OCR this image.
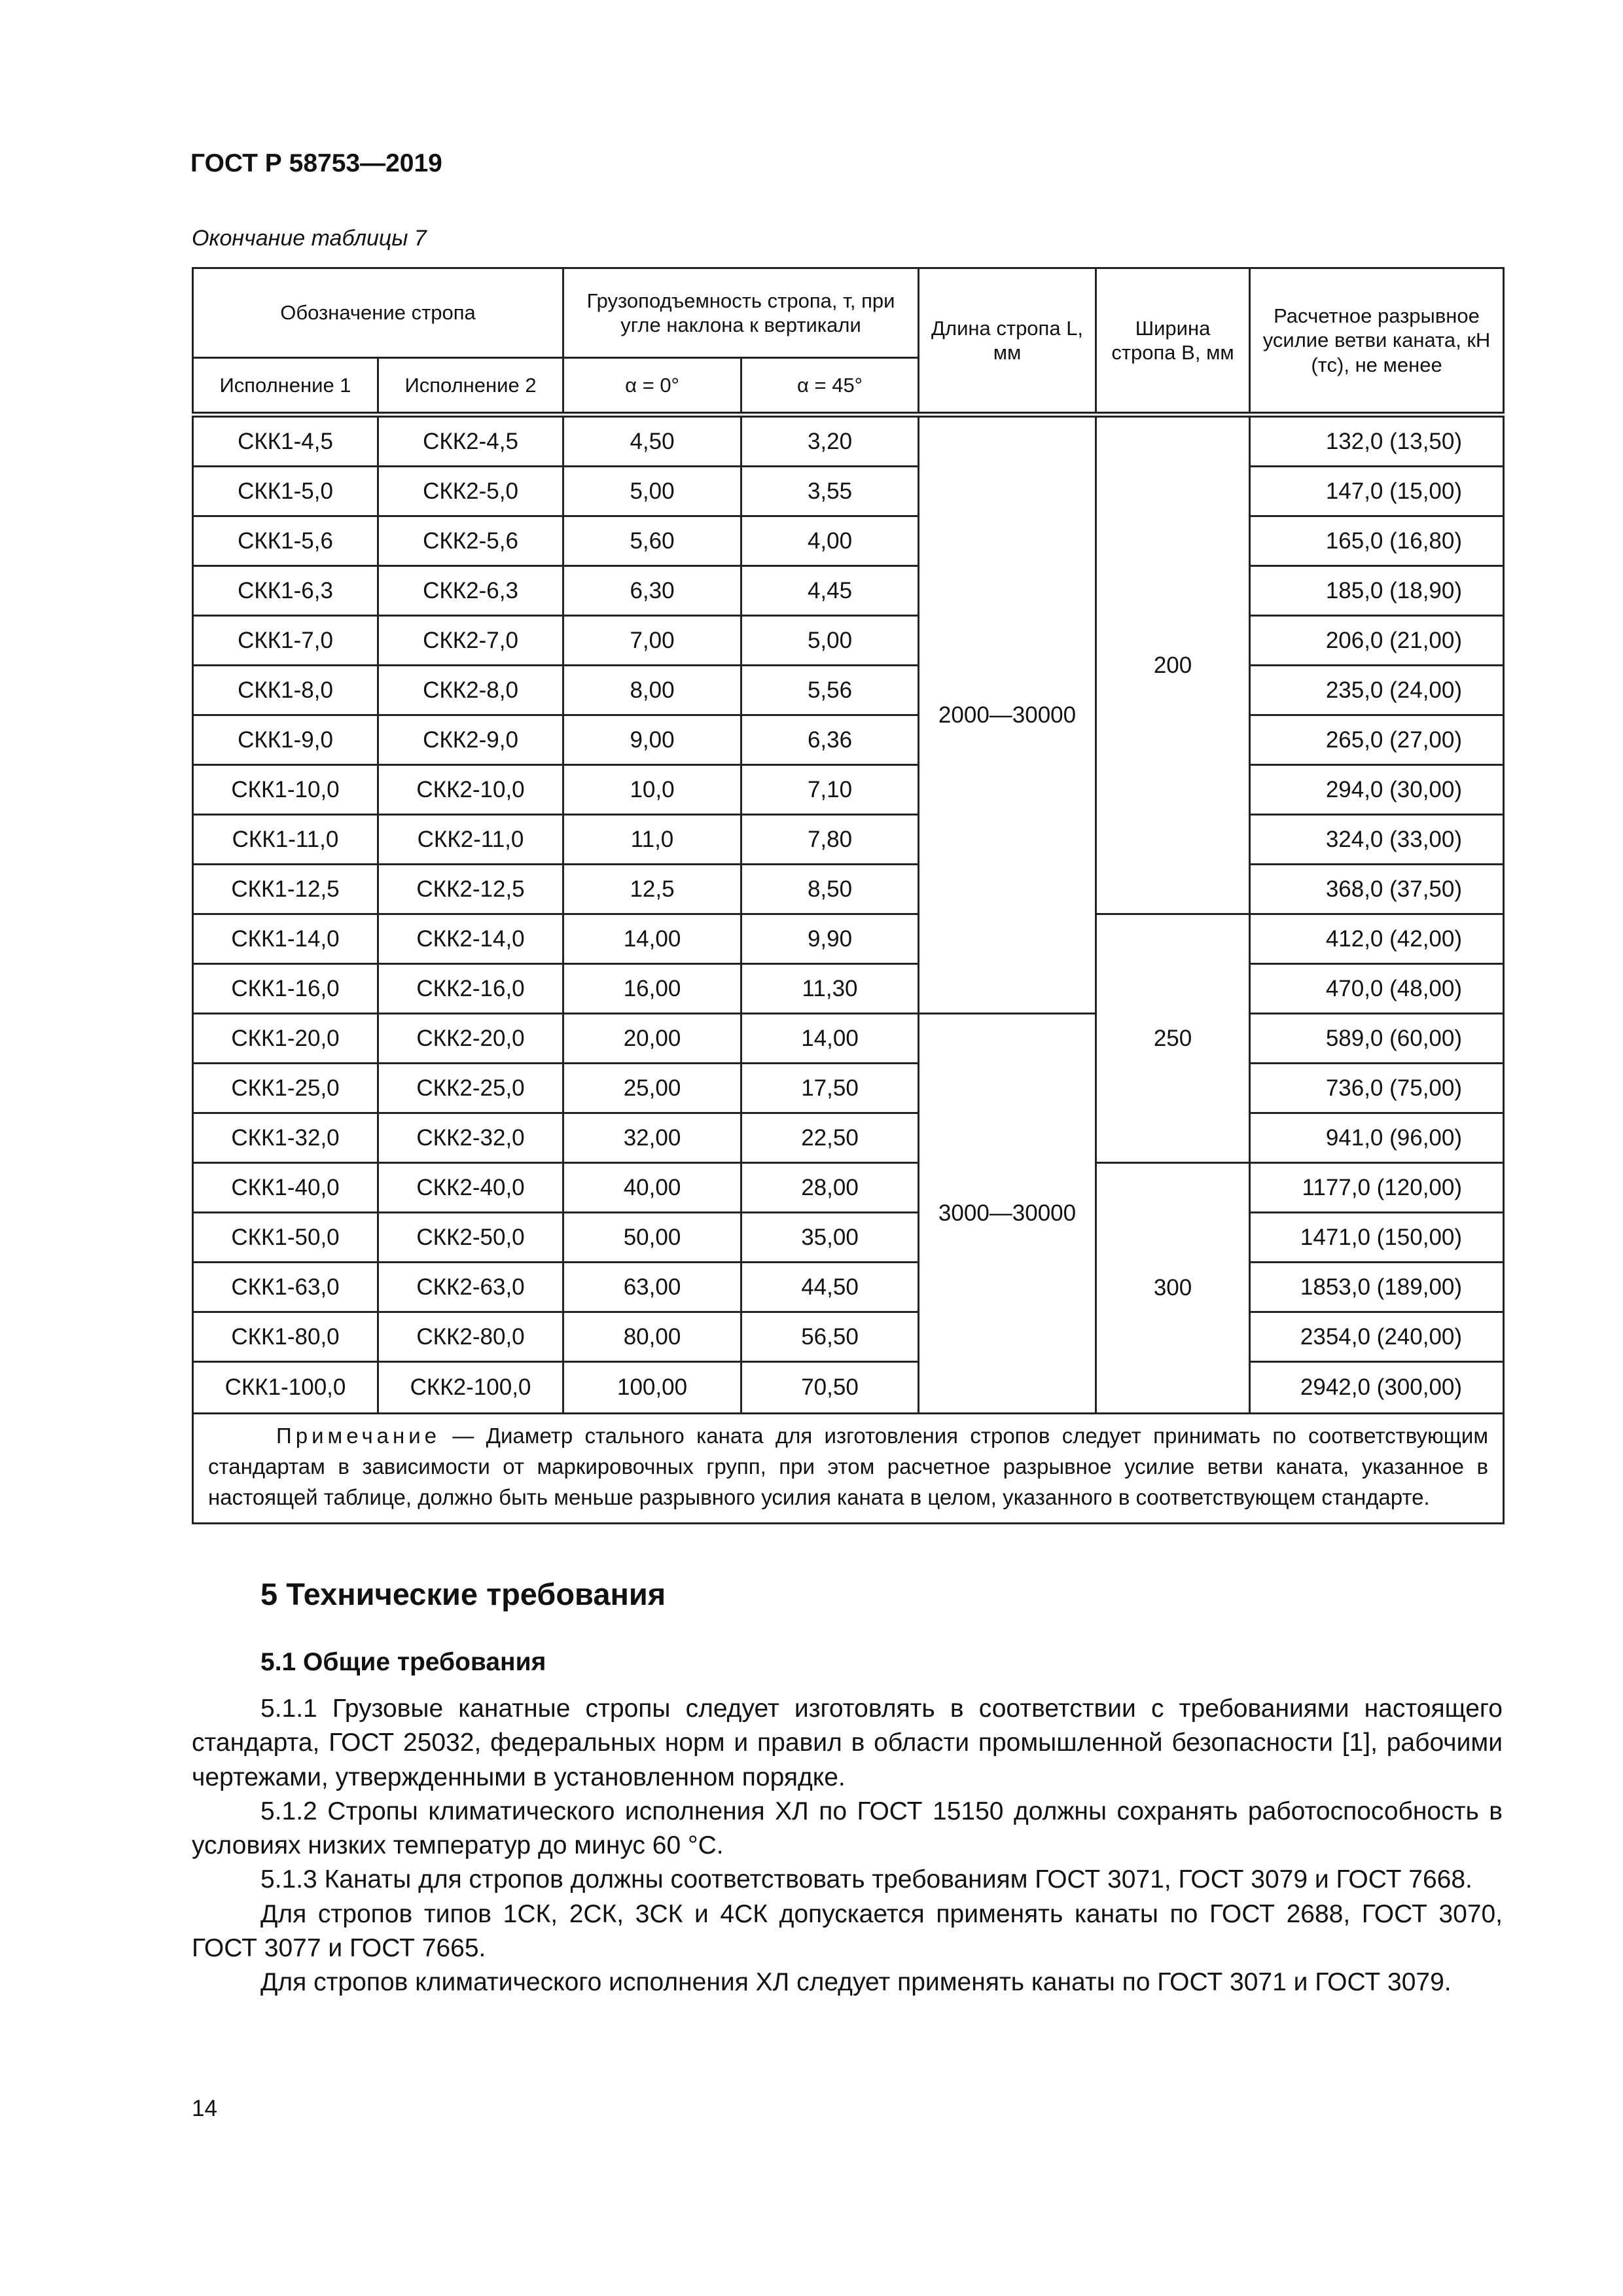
ГОСТ Р 58753—2019

Окончание таблицы 7

Обозначение стропа		Грузоподъемность стропа, т, при угле наклона к вертикали		Длина стропа L, мм	Ширина стропа B, мм	Расчетное разрывное усилие ветви каната, кН (тс), не менее
Исполнение 1	Исполнение 2	α = 0°	α = 45°			

СКК1-4,5	СКК2-4,5	4,50	3,20	2000—30000	200	132,0 (13,50)
СКК1-5,0	СКК2-5,0	5,00	3,55			147,0 (15,00)
СКК1-5,6	СКК2-5,6	5,60	4,00			165,0 (16,80)
СКК1-6,3	СКК2-6,3	6,30	4,45			185,0 (18,90)
СКК1-7,0	СКК2-7,0	7,00	5,00			206,0 (21,00)
СКК1-8,0	СКК2-8,0	8,00	5,56			235,0 (24,00)
СКК1-9,0	СКК2-9,0	9,00	6,36			265,0 (27,00)
СКК1-10,0	СКК2-10,0	10,0	7,10			294,0 (30,00)
СКК1-11,0	СКК2-11,0	11,0	7,80			324,0 (33,00)
СКК1-12,5	СКК2-12,5	12,5	8,50			368,0 (37,50)
СКК1-14,0	СКК2-14,0	14,00	9,90		250	412,0 (42,00)
СКК1-16,0	СКК2-16,0	16,00	11,30			470,0 (48,00)
СКК1-20,0	СКК2-20,0	20,00	14,00	3000—30000		589,0 (60,00)
СКК1-25,0	СКК2-25,0	25,00	17,50			736,0 (75,00)
СКК1-32,0	СКК2-32,0	32,00	22,50			941,0 (96,00)
СКК1-40,0	СКК2-40,0	40,00	28,00		300	1177,0 (120,00)
СКК1-50,0	СКК2-50,0	50,00	35,00			1471,0 (150,00)
СКК1-63,0	СКК2-63,0	63,00	44,50			1853,0 (189,00)
СКК1-80,0	СКК2-80,0	80,00	56,50			2354,0 (240,00)
СКК1-100,0	СКК2-100,0	100,00	70,50			2942,0 (300,00)
Примечание — Диаметр стального каната для изготовления стропов следует принимать по соответствующим стандартам в зависимости от маркировочных групп, при этом расчетное разрывное усилие ветви каната, указанное в настоящей таблице, должно быть меньше разрывного усилия каната в целом, указанного в соответствующем стандарте.						
5 Технические требования
5.1 Общие требования

5.1.1 Грузовые канатные стропы следует изготовлять в соответствии с требованиями настоящего стандарта, ГОСТ 25032, федеральных норм и правил в области промышленной безопасности [1], рабочими чертежами, утвержденными в установленном порядке.

5.1.2 Стропы климатического исполнения ХЛ по ГОСТ 15150 должны сохранять работоспособность в условиях низких температур до минус 60 °С.

5.1.3 Канаты для стропов должны соответствовать требованиям ГОСТ 3071, ГОСТ 3079 и ГОСТ 7668.

Для стропов типов 1СК, 2СК, 3СК и 4СК допускается применять канаты по ГОСТ 2688, ГОСТ 3070, ГОСТ 3077 и ГОСТ 7665.

Для стропов климатического исполнения ХЛ следует применять канаты по ГОСТ 3071 и ГОСТ 3079.

14
